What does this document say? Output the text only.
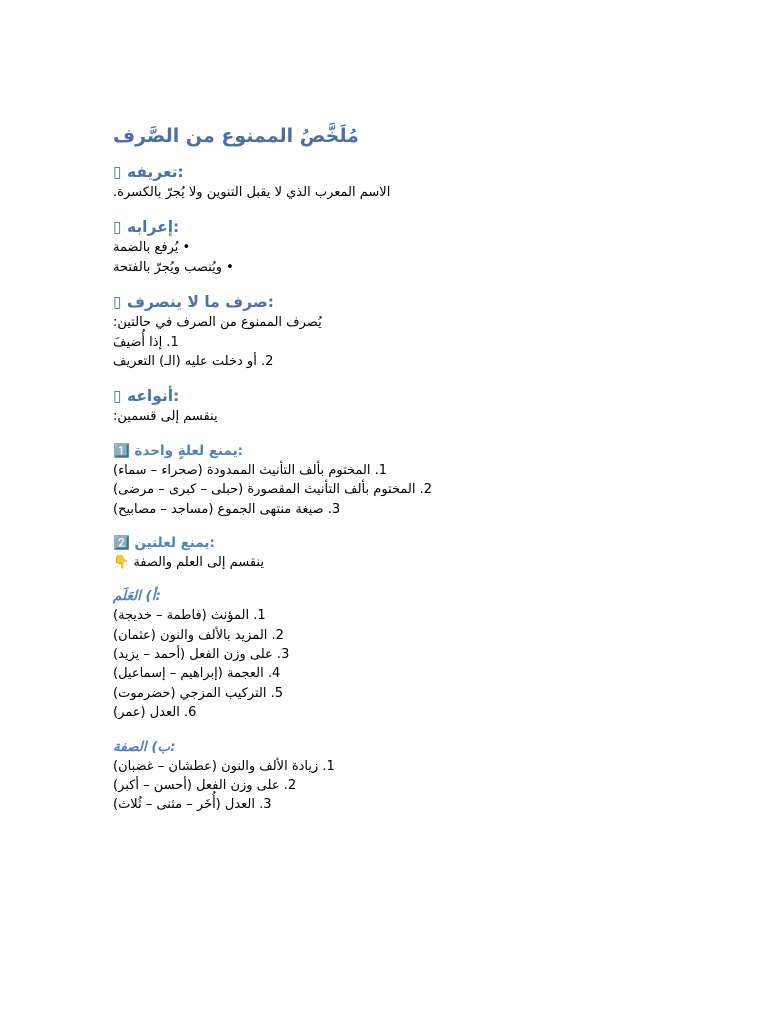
مُلَخَّصُ الممنوع من الصَّرف
▯ تعريفه:
الاسم المعرب الذي لا يقبل التنوين ولا يُجرّ بالكسرة.
▯ إعرابه:
• يُرفع بالضمة
• ويُنصب ويُجرّ بالفتحة
▯ صرف ما لا ينصرف:
يُصرف الممنوع من الصرف في حالتين:
1. إذا أُضيفَ
2. أو دخلت عليه (الـ) التعريف
▯ أنواعه:
ينقسم إلى قسمين:
1️⃣ يمنع لعلةٍ واحدة:
1. المختوم بألف التأنيث الممدودة (صحراء – سماء)
2. المختوم بألف التأنيث المقصورة (حبلى – كبرى – مرضى)
3. صيغة منتهى الجموع (مساجد – مصابيح)
2️⃣ يمنع لعلتين:
ينقسم إلى العلم والصفة 👇
أ) العَلَم:
1. المؤنث (فاطمة – خديجة)
2. المزيد بالألف والنون (عثمان)
3. على وزن الفعل (أحمد – يزيد)
4. العجمة (إبراهيم – إسماعيل)
5. التركيب المزجي (حضرموت)
6. العدل (عمر)
ب) الصفة:
1. زيادة الألف والنون (عطشان – غضبان)
2. على وزن الفعل (أحسن – أكبر)
3. العدل (أُخَر – مثنى – ثُلاث)
